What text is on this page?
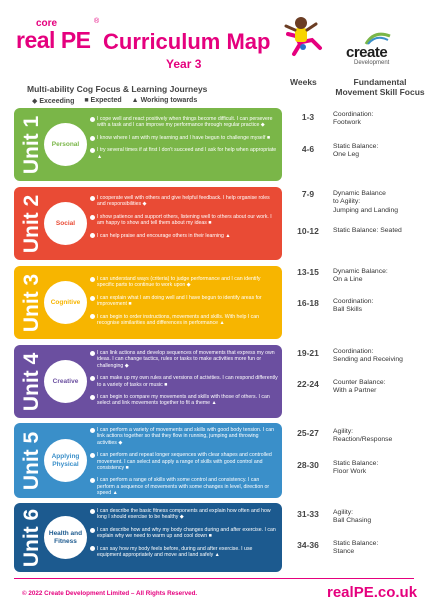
core	®
real PE Curriculum Map
Year 3
create
Development
Multi-ability Cog Focus & Learning Journeys
◆ Exceeding ■ Expected ▲ Working towards
Weeks	Fundamental
Movement Skill Focus
Unit 1 Personal
I cope well and react positively when things become difficult. I can persevere with a task and I can improve my performance through regular practice ◆
I know where I am with my learning and I have begun to challenge myself ■
I try several times if at first I don't succeed and I ask for help when appropriate ▲
1-3	Coordination:
Footwork
4-6	Static Balance:
One Leg
Unit 2 Social
I cooperate well with others and give helpful feedback. I help organise roles and responsibilities ◆
I show patience and support others, listening well to others about our work. I am happy to show and tell them about my ideas ■
I can help praise and encourage others in their learning ▲
7-9	Dynamic Balance
to Agility:
Jumping and Landing
10-12	Static Balance: Seated
Unit 3 Cognitive
I can understand ways (criteria) to judge performance and I can identify specific parts to continue to work upon ◆
I can explain what I am doing well and I have begun to identify areas for improvement ■
I can begin to order instructions, movements and skills. With help I can recognise similarities and differences in performance ▲
13-15	Dynamic Balance:
On a Line
16-18	Coordination:
Ball Skills
Unit 4 Creative
I can link actions and develop sequences of movements that express my own ideas. I can change tactics, rules or tasks to make activities more fun or challenging ◆
I can make up my own rules and versions of activities. I can respond differently to a variety of tasks or music ■
I can begin to compare my movements and skills with those of others. I can select and link movements together to fit a theme ▲
19-21	Coordination:
Sending and Receiving
22-24	Counter Balance:
With a Partner
Unit 5	Applying Physical
I can perform a variety of movements and skills with good body tension. I can link actions together so that they flow in running, jumping and throwing activities ◆
I can perform and repeat longer sequences with clear shapes and controlled movement. I can select and apply a range of skills with good control and consistency ■
I can perform a range of skills with some control and consistency. I can perform a sequence of movements with some changes in level, direction or speed ▲
25-27	Agility:
Reaction/Response
28-30	Static Balance:
Floor Work
Unit 6 Health and Fitness
I can describe the basic fitness components and explain how often and how long I should exercise to be healthy ◆
I can describe how and why my body changes during and after exercise. I can explain why we need to warm up and cool down ■
I can say how my body feels before, during and after exercise. I use equipment appropriately and move and land safely ▲
31-33	Agility:
Ball Chasing
34-36	Static Balance:
Stance
© 2022 Create Development Limited – All Rights Reserved.	realPE.co.uk
